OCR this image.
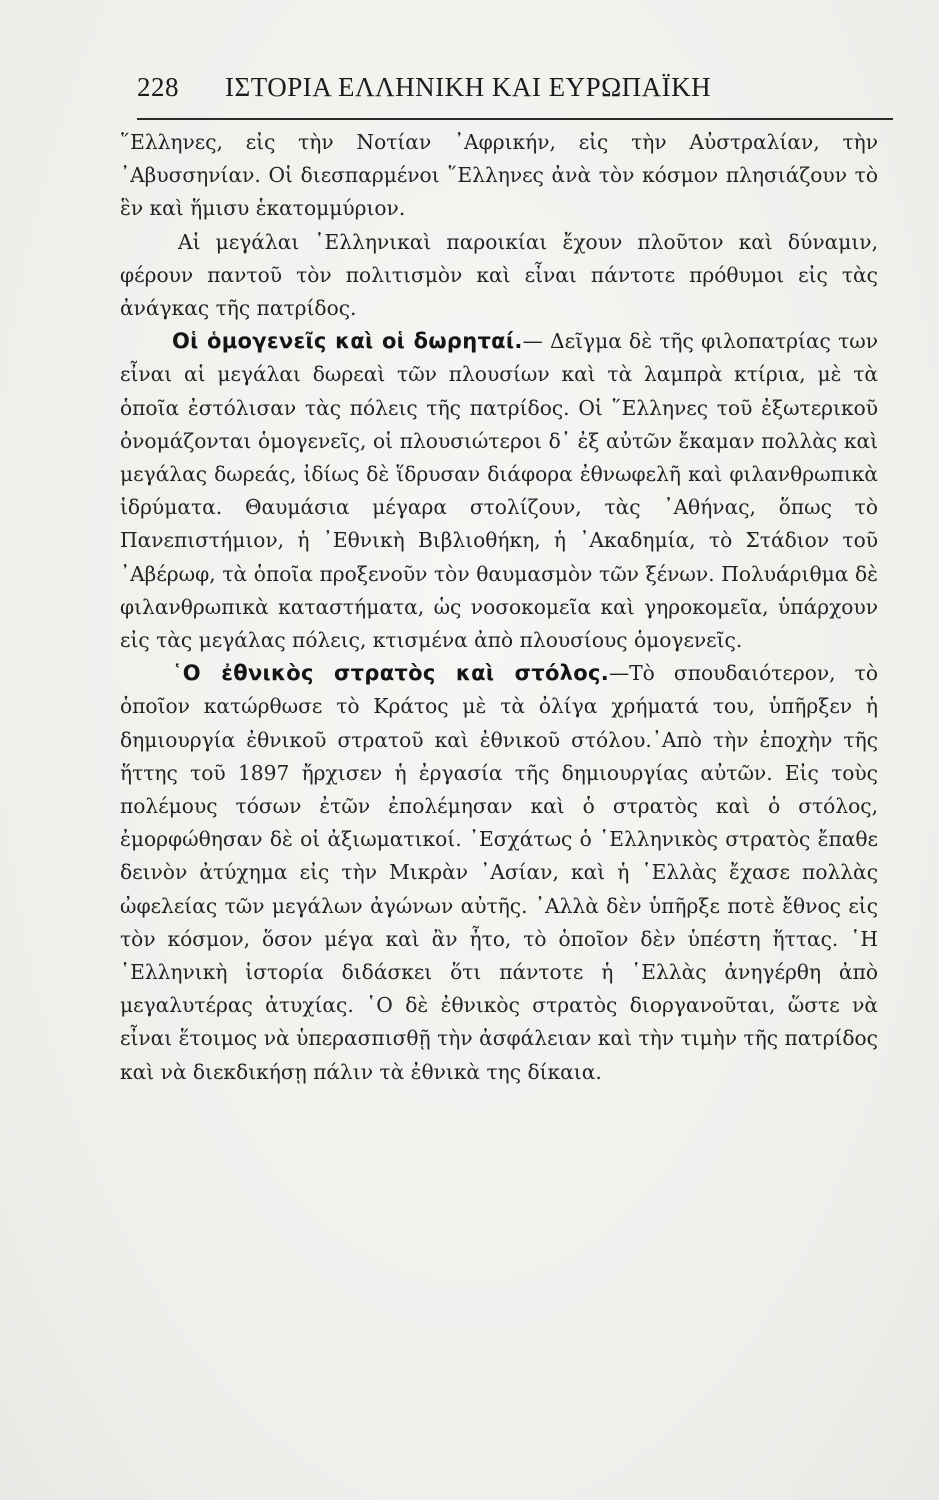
228 ΙΣΤΟΡΙΑ ΕΛΛΗΝΙΚΗ ΚΑΙ ΕΥΡΩΠΑΪΚΗ

῞Ελληνες, εἰς τὴν Νοτίαν ᾿Αφρικήν, εἰς τὴν Αὐστραλίαν, τὴν ᾿Αβυσσηνίαν. Οἱ διεσπαρμένοι ῞Ελληνες ἀνὰ τὸν κόσμον πλησιάζουν τὸ ἓν καὶ ἥμισυ ἑκατομμύριον.

Αἱ μεγάλαι ῾Ελληνικαὶ παροικίαι ἔχουν πλοῦτον καὶ δύναμιν, φέρουν παντοῦ τὸν πολιτισμὸν καὶ εἶναι πάντοτε πρόθυμοι εἰς τὰς ἀνάγκας τῆς πατρίδος.

Οἱ ὁμογενεῖς καὶ οἱ δωρηταί.— Δεῖγμα δὲ τῆς φιλοπατρίας των εἶναι αἱ μεγάλαι δωρεαὶ τῶν πλουσίων καὶ τὰ λαμπρὰ κτίρια, μὲ τὰ ὁποῖα ἐστόλισαν τὰς πόλεις τῆς πατρίδος. Οἱ ῞Ελληνες τοῦ ἐξωτερικοῦ ὀνομάζονται ὁμογενεῖς, οἱ πλουσιώτεροι δ᾿ ἐξ αὐτῶν ἔκαμαν πολλὰς καὶ μεγάλας δωρεάς, ἰδίως δὲ ἵδρυσαν διάφορα ἐθνωφελῆ καὶ φιλανθρωπικὰ ἱδρύματα. Θαυμάσια μέγαρα στολίζουν, τὰς ᾿Αθήνας, ὅπως τὸ Πανεπιστήμιον, ἡ ᾿Εθνικὴ Βιβλιοθήκη, ἡ ᾿Ακαδημία, τὸ Στάδιον τοῦ ᾿Αβέρωφ, τὰ ὁποῖα προξενοῦν τὸν θαυμασμὸν τῶν ξένων. Πολυάριθμα δὲ φιλανθρωπικὰ καταστήματα, ὡς νοσοκομεῖα καὶ γηροκομεῖα, ὑπάρχουν εἰς τὰς μεγάλας πόλεις, κτισμένα ἀπὸ πλουσίους ὁμογενεῖς.

῾Ο ἐθνικὸς στρατὸς καὶ στόλος.—Τὸ σπουδαιότερον, τὸ ὁποῖον κατώρθωσε τὸ Κράτος μὲ τὰ ὀλίγα χρήματά του, ὑπῆρξεν ἡ δημιουργία ἐθνικοῦ στρατοῦ καὶ ἐθνικοῦ στόλου.᾿Απὸ τὴν ἐποχὴν τῆς ἥττης τοῦ 1897 ἤρχισεν ἡ ἐργασία τῆς δημιουργίας αὐτῶν. Εἰς τοὺς πολέμους τόσων ἐτῶν ἐπολέμησαν καὶ ὁ στρατὸς καὶ ὁ στόλος, ἐμορφώθησαν δὲ οἱ ἀξιωματικοί. ᾿Εσχάτως ὁ ῾Ελληνικὸς στρατὸς ἔπαθε δεινὸν ἀτύχημα εἰς τὴν Μικρὰν ᾿Ασίαν, καὶ ἡ ῾Ελλὰς ἔχασε πολλὰς ὠφελείας τῶν μεγάλων ἀγώνων αὐτῆς. ᾿Αλλὰ δὲν ὑπῆρξε ποτὲ ἔθνος εἰς τὸν κόσμον, ὅσον μέγα καὶ ἂν ἦτο, τὸ ὁποῖον δὲν ὑπέστη ἥττας. ῾Η ῾Ελληνικὴ ἱστορία διδάσκει ὅτι πάντοτε ἡ ῾Ελλὰς ἀνηγέρθη ἀπὸ μεγαλυτέρας ἀτυχίας. ῾Ο δὲ ἐθνικὸς στρατὸς διοργανοῦται, ὥστε νὰ εἶναι ἕτοιμος νὰ ὑπερασπισθῇ τὴν ἀσφάλειαν καὶ τὴν τιμὴν τῆς πατρίδος καὶ νὰ διεκδικήσῃ πάλιν τὰ ἐθνικὰ της δίκαια.
